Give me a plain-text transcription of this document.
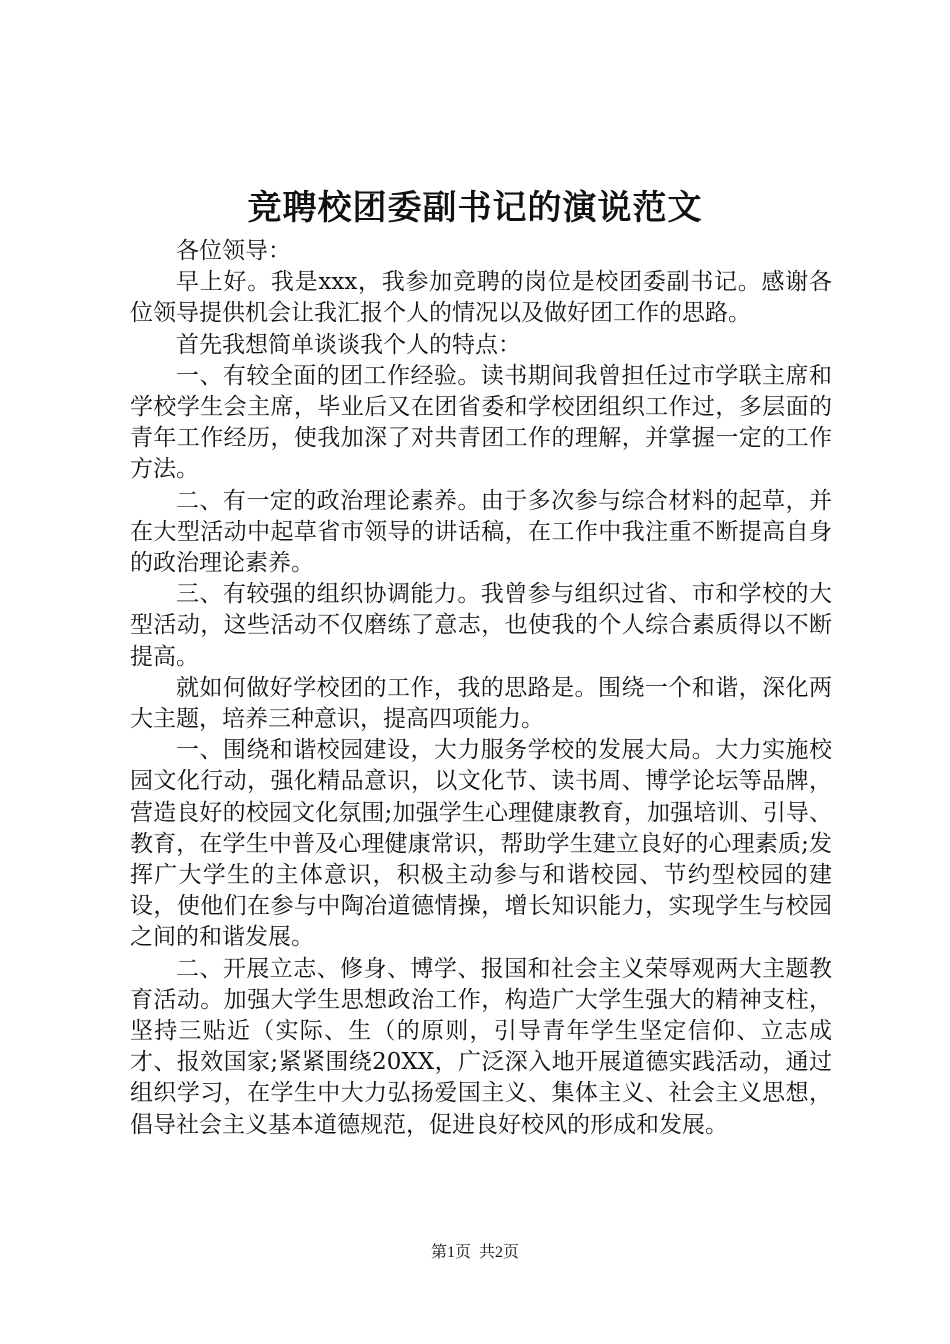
竞聘校团委副书记的演说范文

各位领导：

早上好。我是xxx，我参加竞聘的岗位是校团委副书记。感谢各位领导提供机会让我汇报个人的情况以及做好团工作的思路。

首先我想简单谈谈我个人的特点：

一、有较全面的团工作经验。读书期间我曾担任过市学联主席和学校学生会主席，毕业后又在团省委和学校团组织工作过，多层面的青年工作经历，使我加深了对共青团工作的理解，并掌握一定的工作方法。

二、有一定的政治理论素养。由于多次参与综合材料的起草，并在大型活动中起草省市领导的讲话稿，在工作中我注重不断提高自身的政治理论素养。

三、有较强的组织协调能力。我曾参与组织过省、市和学校的大型活动，这些活动不仅磨练了意志，也使我的个人综合素质得以不断提高。

就如何做好学校团的工作，我的思路是。围绕一个和谐，深化两大主题，培养三种意识，提高四项能力。

一、围绕和谐校园建设，大力服务学校的发展大局。大力实施校园文化行动，强化精品意识，以文化节、读书周、博学论坛等品牌，营造良好的校园文化氛围;加强学生心理健康教育，加强培训、引导、教育，在学生中普及心理健康常识，帮助学生建立良好的心理素质;发挥广大学生的主体意识，积极主动参与和谐校园、节约型校园的建设，使他们在参与中陶冶道德情操，增长知识能力，实现学生与校园之间的和谐发展。

二、开展立志、修身、博学、报国和社会主义荣辱观两大主题教育活动。加强大学生思想政治工作，构造广大学生强大的精神支柱，坚持三贴近（实际、生（的原则，引导青年学生坚定信仰、立志成才、报效国家;紧紧围绕20XX，广泛深入地开展道德实践活动，通过组织学习，在学生中大力弘扬爱国主义、集体主义、社会主义思想，倡导社会主义基本道德规范，促进良好校风的形成和发展。

第1页 共2页
